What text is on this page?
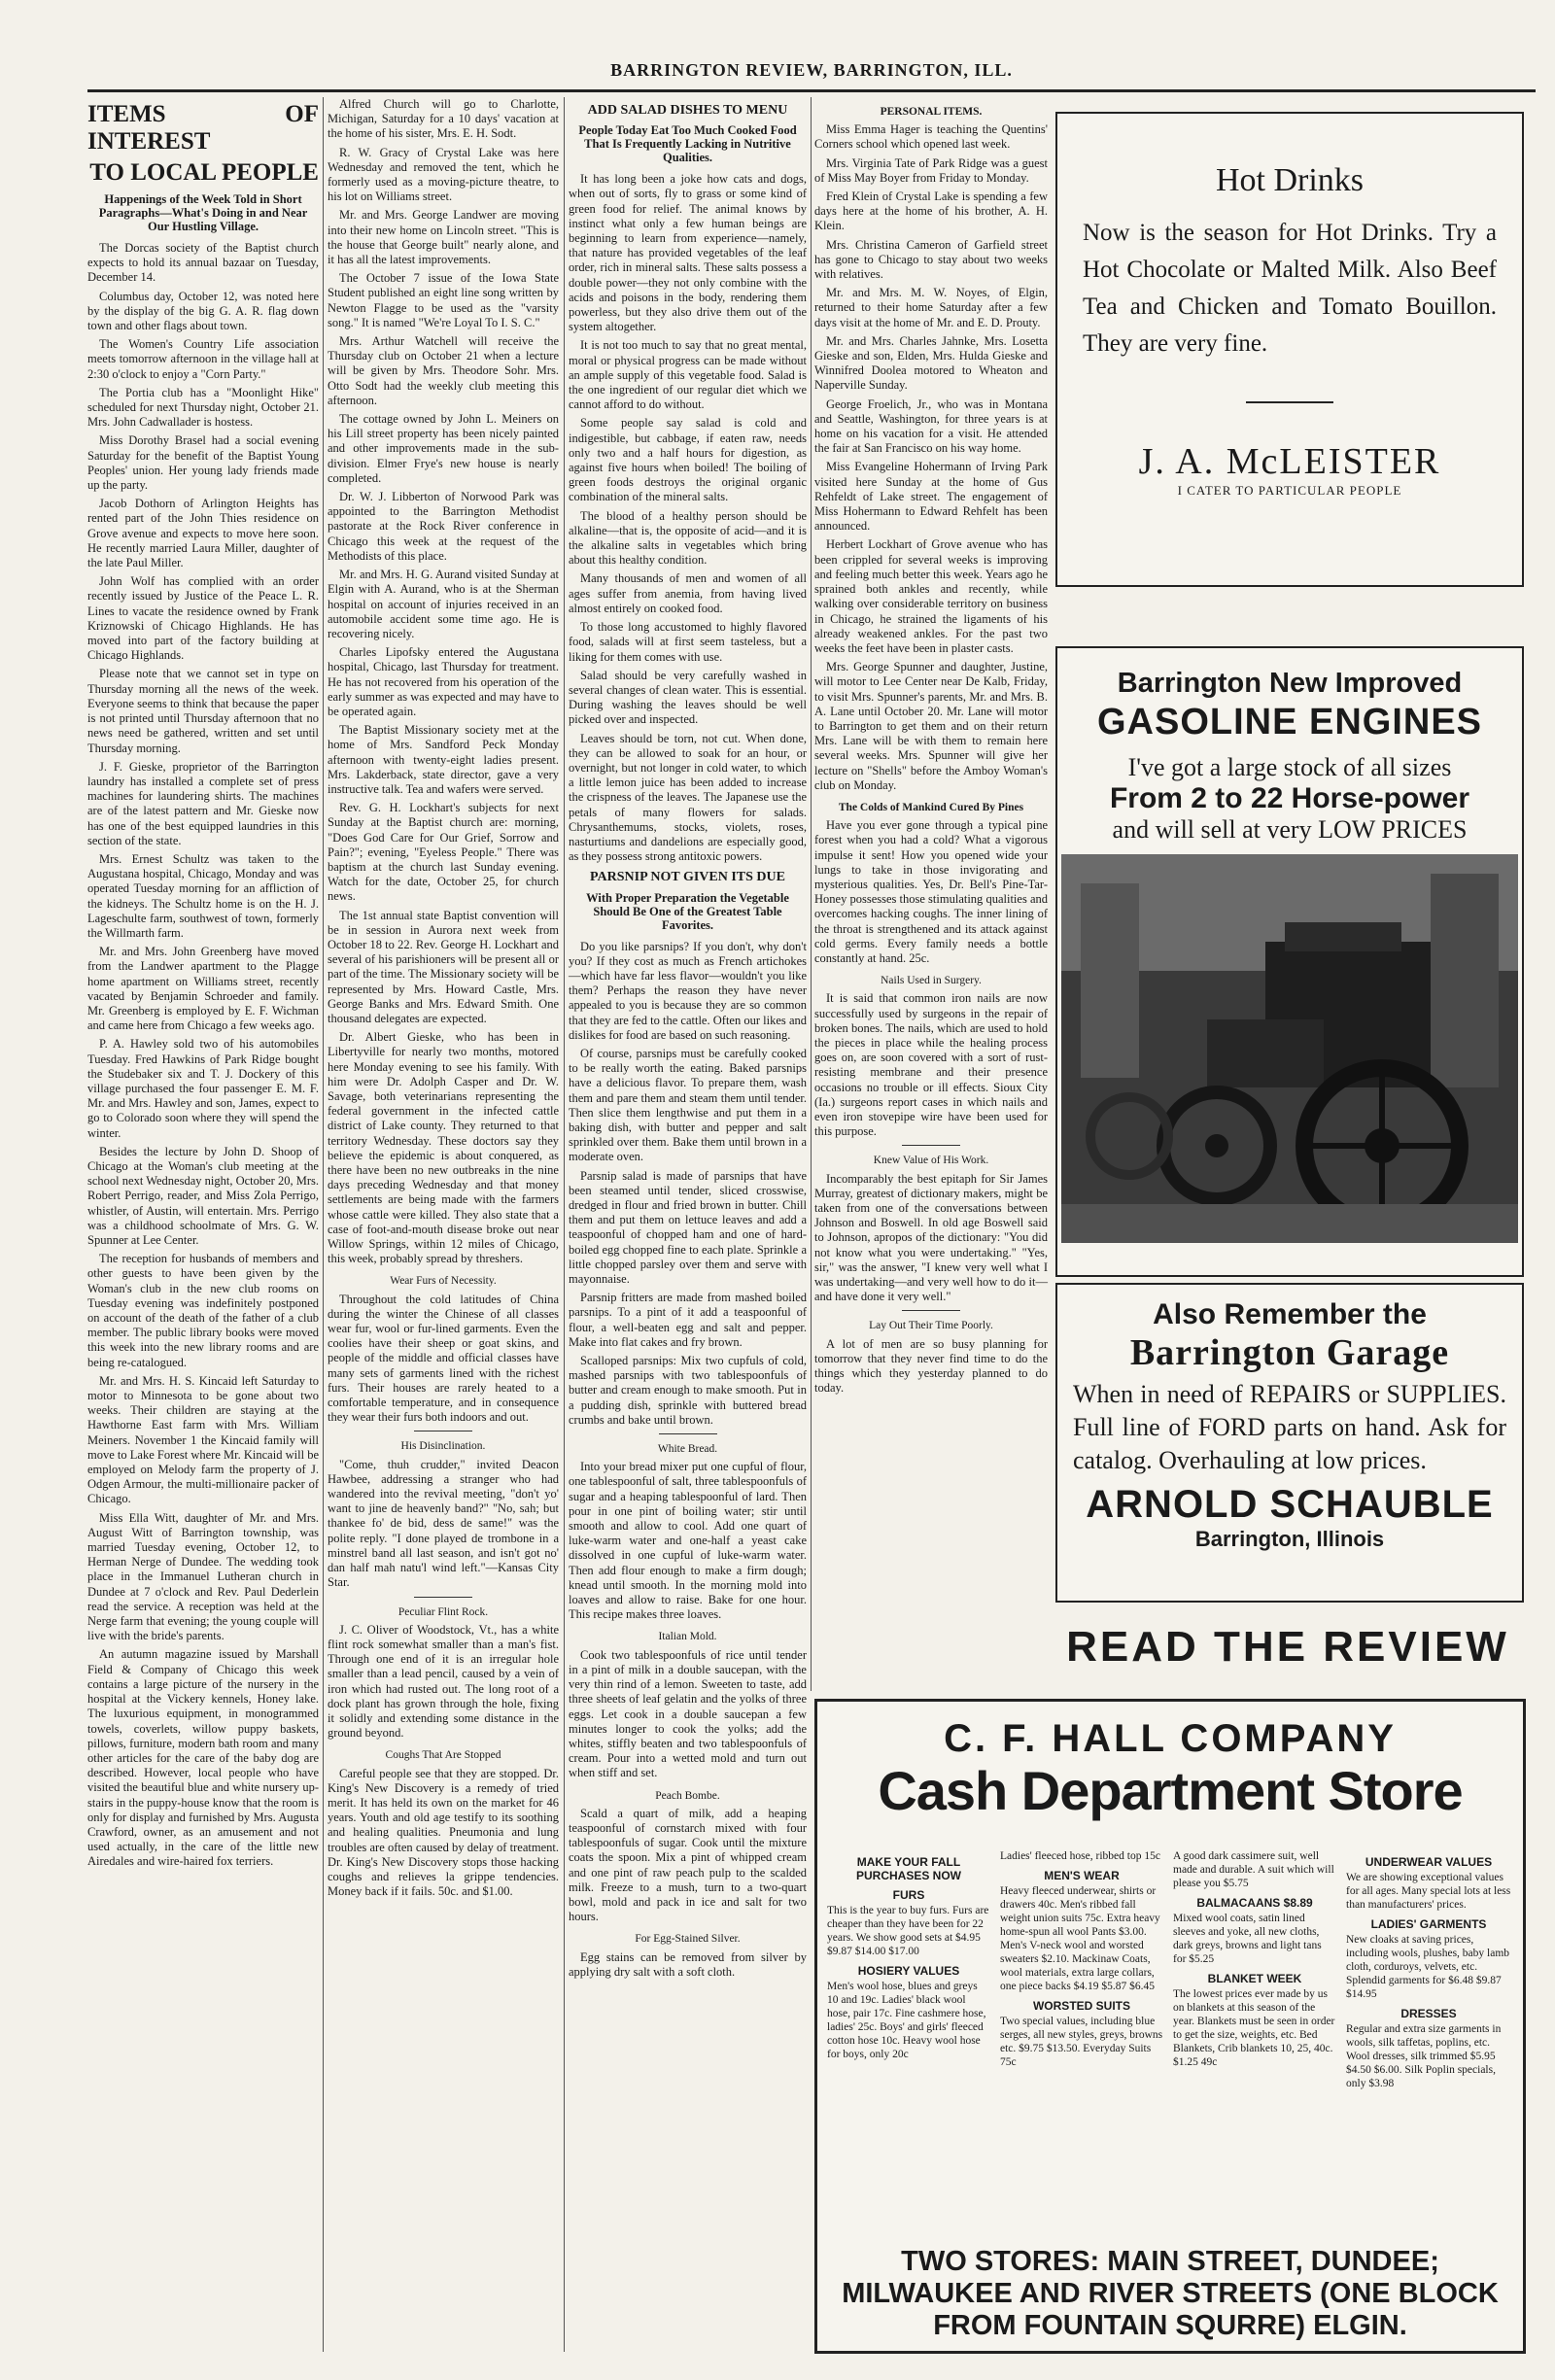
BARRINGTON REVIEW, BARRINGTON, ILL.
ITEMS OF INTEREST
TO LOCAL PEOPLE
Happenings of the Week Told in Short Paragraphs—What's Doing in and Near Our Hustling Village.

The Dorcas society of the Baptist church expects to hold its annual bazaar on Tuesday, December 14.

Columbus day, October 12, was noted here by the display of the big G. A. R. flag down town and other flags about town.

The Women's Country Life association meets tomorrow afternoon in the village hall at 2:30 o'clock to enjoy a "Corn Party."

The Portia club has a "Moonlight Hike" scheduled for next Thursday night, October 21. Mrs. John Cadwallader is hostess.

Miss Dorothy Brasel had a social evening Saturday for the benefit of the Baptist Young Peoples' union. Her young lady friends made up the party.

Jacob Dothorn of Arlington Heights has rented part of the John Thies residence on Grove avenue and expects to move here soon. He recently married Laura Miller, daughter of the late Paul Miller.

John Wolf has complied with an order recently issued by Justice of the Peace L. R. Lines to vacate the residence owned by Frank Kriznowski of Chicago Highlands. He has moved into part of the factory building at Chicago Highlands.

Please note that we cannot set in type on Thursday morning all the news of the week. Everyone seems to think that because the paper is not printed until Thursday afternoon that no news need be gathered, written and set until Thursday morning.

J. F. Gieske, proprietor of the Barrington laundry has installed a complete set of press machines for laundering shirts. The machines are of the latest pattern and Mr. Gieske now has one of the best equipped laundries in this section of the state.

Mrs. Ernest Schultz was taken to the Augustana hospital, Chicago, Monday and was operated Tuesday morning for an affliction of the kidneys. The Schultz home is on the H. J. Lageschulte farm, southwest of town, formerly the Willmarth farm.

Mr. and Mrs. John Greenberg have moved from the Landwer apartment to the Plagge home apartment on Williams street, recently vacated by Benjamin Schroeder and family. Mr. Greenberg is employed by E. F. Wichman and came here from Chicago a few weeks ago.

P. A. Hawley sold two of his automobiles Tuesday. Fred Hawkins of Park Ridge bought the Studebaker six and T. J. Dockery of this village purchased the four passenger E. M. F. Mr. and Mrs. Hawley and son, James, expect to go to Colorado soon where they will spend the winter.

Besides the lecture by John D. Shoop of Chicago at the Woman's club meeting at the school next Wednesday night, October 20, Mrs. Robert Perrigo, reader, and Miss Zola Perrigo, whistler, of Austin, will entertain. Mrs. Perrigo was a childhood schoolmate of Mrs. G. W. Spunner at Lee Center.

The reception for husbands of members and other guests to have been given by the Woman's club in the new club rooms on Tuesday evening was indefinitely postponed on account of the death of the father of a club member. The public library books were moved this week into the new library rooms and are being re-catalogued.

Mr. and Mrs. H. S. Kincaid left Saturday to motor to Minnesota to be gone about two weeks. Their children are staying at the Hawthorne East farm with Mrs. William Meiners. November 1 the Kincaid family will move to Lake Forest where Mr. Kincaid will be employed on Melody farm the property of J. Odgen Armour, the multi-millionaire packer of Chicago.

Miss Ella Witt, daughter of Mr. and Mrs. August Witt of Barrington township, was married Tuesday evening, October 12, to Herman Nerge of Dundee. The wedding took place in the Immanuel Lutheran church in Dundee at 7 o'clock and Rev. Paul Dederlein read the service. A reception was held at the Nerge farm that evening; the young couple will live with the bride's parents.

An autumn magazine issued by Marshall Field & Company of Chicago this week contains a large picture of the nursery in the hospital at the Vickery kennels, Honey lake. The luxurious equipment, in monogrammed towels, coverlets, willow puppy baskets, pillows, furniture, modern bath room and many other articles for the care of the baby dog are described. However, local people who have visited the beautiful blue and white nursery up-stairs in the puppy-house know that the room is only for display and furnished by Mrs. Augusta Crawford, owner, as an amusement and not used actually, in the care of the little new Airedales and wire-haired fox terriers.

Alfred Church will go to Charlotte, Michigan, Saturday for a 10 days' vacation at the home of his sister, Mrs. E. H. Sodt.

R. W. Gracy of Crystal Lake was here Wednesday and removed the tent, which he formerly used as a moving-picture theatre, to his lot on Williams street.

Mr. and Mrs. George Landwer are moving into their new home on Lincoln street. "This is the house that George built" nearly alone, and it has all the latest improvements.

The October 7 issue of the Iowa State Student published an eight line song written by Newton Flagge to be used as the "varsity song." It is named "We're Loyal To I. S. C."

Mrs. Arthur Watchell will receive the Thursday club on October 21 when a lecture will be given by Mrs. Theodore Sohr. Mrs. Otto Sodt had the weekly club meeting this afternoon.

The cottage owned by John L. Meiners on his Lill street property has been nicely painted and other improvements made in the sub-division. Elmer Frye's new house is nearly completed.

Dr. W. J. Libberton of Norwood Park was appointed to the Barrington Methodist pastorate at the Rock River conference in Chicago this week at the request of the Methodists of this place.

Mr. and Mrs. H. G. Aurand visited Sunday at Elgin with A. Aurand, who is at the Sherman hospital on account of injuries received in an automobile accident some time ago. He is recovering nicely.

Charles Lipofsky entered the Augustana hospital, Chicago, last Thursday for treatment. He has not recovered from his operation of the early summer as was expected and may have to be operated again.

The Baptist Missionary society met at the home of Mrs. Sandford Peck Monday afternoon with twenty-eight ladies present. Mrs. Lakderback, state director, gave a very instructive talk. Tea and wafers were served.

Rev. G. H. Lockhart's subjects for next Sunday at the Baptist church are: morning, "Does God Care for Our Grief, Sorrow and Pain?"; evening, "Eyeless People." There was baptism at the church last Sunday evening. Watch for the date, October 25, for church news.

The 1st annual state Baptist convention will be in session in Aurora next week from October 18 to 22. Rev. George H. Lockhart and several of his parishioners will be present all or part of the time. The Missionary society will be represented by Mrs. Howard Castle, Mrs. George Banks and Mrs. Edward Smith. One thousand delegates are expected.

Dr. Albert Gieske, who has been in Libertyville for nearly two months, motored here Monday evening to see his family. With him were Dr. Adolph Casper and Dr. W. Savage, both veterinarians representing the federal government in the infected cattle district of Lake county. They returned to that territory Wednesday. These doctors say they believe the epidemic is about conquered, as there have been no new outbreaks in the nine days preceding Wednesday and that money settlements are being made with the farmers whose cattle were killed. They also state that a case of foot-and-mouth disease broke out near Willow Springs, within 12 miles of Chicago, this week, probably spread by threshers.

Wear Furs of Necessity.

Throughout the cold latitudes of China during the winter the Chinese of all classes wear fur, wool or fur-lined garments. Even the coolies have their sheep or goat skins, and people of the middle and official classes have many sets of garments lined with the richest furs. Their houses are rarely heated to a comfortable temperature, and in consequence they wear their furs both indoors and out.

His Disinclination.

"Come, thuh crudder," invited Deacon Hawbee, addressing a stranger who had wandered into the revival meeting, "don't yo' want to jine de heavenly band?" "No, sah; but thankee fo' de bid, dess de same!" was the polite reply. "I done played de trombone in a minstrel band all last season, and isn't got no' dan half mah natu'l wind left."—Kansas City Star.

Peculiar Flint Rock.

J. C. Oliver of Woodstock, Vt., has a white flint rock somewhat smaller than a man's fist. Through one end of it is an irregular hole smaller than a lead pencil, caused by a vein of iron which had rusted out. The long root of a dock plant has grown through the hole, fixing it solidly and extending some distance in the ground beyond.

Coughs That Are Stopped

Careful people see that they are stopped. Dr. King's New Discovery is a remedy of tried merit. It has held its own on the market for 46 years. Youth and old age testify to its soothing and healing qualities. Pneumonia and lung troubles are often caused by delay of treatment. Dr. King's New Discovery stops those hacking coughs and relieves la grippe tendencies. Money back if it fails. 50c. and $1.00.

ADD SALAD DISHES TO MENU
People Today Eat Too Much Cooked Food That Is Frequently Lacking in Nutritive Qualities.

It has long been a joke how cats and dogs, when out of sorts, fly to grass or some kind of green food for relief. The animal knows by instinct what only a few human beings are beginning to learn from experience—namely, that nature has provided vegetables of the leaf order, rich in mineral salts. These salts possess a double power—they not only combine with the acids and poisons in the body, rendering them powerless, but they also drive them out of the system altogether.

It is not too much to say that no great mental, moral or physical progress can be made without an ample supply of this vegetable food. Salad is the one ingredient of our regular diet which we cannot afford to do without.

Some people say salad is cold and indigestible, but cabbage, if eaten raw, needs only two and a half hours for digestion, as against five hours when boiled! The boiling of green foods destroys the original organic combination of the mineral salts.

The blood of a healthy person should be alkaline—that is, the opposite of acid—and it is the alkaline salts in vegetables which bring about this healthy condition.

Many thousands of men and women of all ages suffer from anemia, from having lived almost entirely on cooked food.

To those long accustomed to highly flavored food, salads will at first seem tasteless, but a liking for them comes with use.

Salad should be very carefully washed in several changes of clean water. This is essential. During washing the leaves should be well picked over and inspected.

Leaves should be torn, not cut. When done, they can be allowed to soak for an hour, or overnight, but not longer in cold water, to which a little lemon juice has been added to increase the crispness of the leaves. The Japanese use the petals of many flowers for salads. Chrysanthemums, stocks, violets, roses, nasturtiums and dandelions are especially good, as they possess strong antitoxic powers.

PARSNIP NOT GIVEN ITS DUE
With Proper Preparation the Vegetable Should Be One of the Greatest Table Favorites.

Do you like parsnips? If you don't, why don't you? If they cost as much as French artichokes—which have far less flavor—wouldn't you like them? Perhaps the reason they have never appealed to you is because they are so common that they are fed to the cattle. Often our likes and dislikes for food are based on such reasoning.

Of course, parsnips must be carefully cooked to be really worth the eating. Baked parsnips have a delicious flavor. To prepare them, wash them and pare them and steam them until tender. Then slice them lengthwise and put them in a baking dish, with butter and pepper and salt sprinkled over them. Bake them until brown in a moderate oven.

Parsnip salad is made of parsnips that have been steamed until tender, sliced crosswise, dredged in flour and fried brown in butter. Chill them and put them on lettuce leaves and add a teaspoonful of chopped ham and one of hard-boiled egg chopped fine to each plate. Sprinkle a little chopped parsley over them and serve with mayonnaise.

Parsnip fritters are made from mashed boiled parsnips. To a pint of it add a teaspoonful of flour, a well-beaten egg and salt and pepper. Make into flat cakes and fry brown.

Scalloped parsnips: Mix two cupfuls of cold, mashed parsnips with two tablespoonfuls of butter and cream enough to make smooth. Put in a pudding dish, sprinkle with buttered bread crumbs and bake until brown.

White Bread.

Into your bread mixer put one cupful of flour, one tablespoonful of salt, three tablespoonfuls of sugar and a heaping tablespoonful of lard. Then pour in one pint of boiling water; stir until smooth and allow to cool. Add one quart of luke-warm water and one-half a yeast cake dissolved in one cupful of luke-warm water. Then add flour enough to make a firm dough; knead until smooth. In the morning mold into loaves and allow to raise. Bake for one hour. This recipe makes three loaves.

Italian Mold.

Cook two tablespoonfuls of rice until tender in a pint of milk in a double saucepan, with the very thin rind of a lemon. Sweeten to taste, add three sheets of leaf gelatin and the yolks of three eggs. Let cook in a double saucepan a few minutes longer to cook the yolks; add the whites, stiffly beaten and two tablespoonfuls of cream. Pour into a wetted mold and turn out when stiff and set.

Peach Bombe.

Scald a quart of milk, add a heaping teaspoonful of cornstarch mixed with four tablespoonfuls of sugar. Cook until the mixture coats the spoon. Mix a pint of whipped cream and one pint of raw peach pulp to the scalded milk. Freeze to a mush, turn to a two-quart bowl, mold and pack in ice and salt for two hours.

For Egg-Stained Silver.

Egg stains can be removed from silver by applying dry salt with a soft cloth.

PERSONAL ITEMS.

Miss Emma Hager is teaching the Quentins' Corners school which opened last week.

Mrs. Virginia Tate of Park Ridge was a guest of Miss May Boyer from Friday to Monday.

Fred Klein of Crystal Lake is spending a few days here at the home of his brother, A. H. Klein.

Mrs. Christina Cameron of Garfield street has gone to Chicago to stay about two weeks with relatives.

Mr. and Mrs. M. W. Noyes, of Elgin, returned to their home Saturday after a few days visit at the home of Mr. and E. D. Prouty.

Mr. and Mrs. Charles Jahnke, Mrs. Losetta Gieske and son, Elden, Mrs. Hulda Gieske and Winnifred Doolea motored to Wheaton and Naperville Sunday.

George Froelich, Jr., who was in Montana and Seattle, Washington, for three years is at home on his vacation for a visit. He attended the fair at San Francisco on his way home.

Miss Evangeline Hohermann of Irving Park visited here Sunday at the home of Gus Rehfeldt of Lake street. The engagement of Miss Hohermann to Edward Rehfelt has been announced.

Herbert Lockhart of Grove avenue who has been crippled for several weeks is improving and feeling much better this week. Years ago he sprained both ankles and recently, while walking over considerable territory on business in Chicago, he strained the ligaments of his already weakened ankles. For the past two weeks the feet have been in plaster casts.

Mrs. George Spunner and daughter, Justine, will motor to Lee Center near De Kalb, Friday, to visit Mrs. Spunner's parents, Mr. and Mrs. B. A. Lane until October 20. Mr. Lane will motor to Barrington to get them and on their return Mrs. Lane will be with them to remain here several weeks. Mrs. Spunner will give her lecture on "Shells" before the Amboy Woman's club on Monday.

The Colds of Mankind Cured By Pines

Have you ever gone through a typical pine forest when you had a cold? What a vigorous impulse it sent! How you opened wide your lungs to take in those invigorating and mysterious qualities. Yes, Dr. Bell's Pine-Tar-Honey possesses those stimulating qualities and overcomes hacking coughs. The inner lining of the throat is strengthened and its attack against cold germs. Every family needs a bottle constantly at hand. 25c.

Nails Used in Surgery.

It is said that common iron nails are now successfully used by surgeons in the repair of broken bones. The nails, which are used to hold the pieces in place while the healing process goes on, are soon covered with a sort of rust-resisting membrane and their presence occasions no trouble or ill effects. Sioux City (Ia.) surgeons report cases in which nails and even iron stovepipe wire have been used for this purpose.

Knew Value of His Work.

Incomparably the best epitaph for Sir James Murray, greatest of dictionary makers, might be taken from one of the conversations between Johnson and Boswell. In old age Boswell said to Johnson, apropos of the dictionary: "You did not know what you were undertaking." "Yes, sir," was the answer, "I knew very well what I was undertaking—and very well how to do it—and have done it very well."

Lay Out Their Time Poorly.

A lot of men are so busy planning for tomorrow that they never find time to do the things which they yesterday planned to do today.

Hot Drinks
Now is the season for Hot Drinks. Try a Hot Chocolate or Malted Milk. Also Beef Tea and Chicken and Tomato Bouillon. They are very fine.
J. A. McLEISTER
I CATER TO PARTICULAR PEOPLE
Barrington New Improved
GASOLINE ENGINES
I've got a large stock of all sizes
From 2 to 22 Horse-power
and will sell at very LOW PRICES
Also Remember the
Barrington Garage
When in need of REPAIRS or SUPPLIES. Full line of FORD parts on hand. Ask for catalog. Overhauling at low prices.
ARNOLD SCHAUBLE
Barrington, Illinois
READ THE REVIEW
C. F. HALL COMPANY
Cash Department Store
MAKE YOUR FALL PURCHASES NOW
FURS

This is the year to buy furs. Furs are cheaper than they have been for 22 years. We show good sets at $4.95 $9.87 $14.00 $17.00

HOSIERY VALUES

Men's wool hose, blues and greys 10 and 19c. Ladies' black wool hose, pair 17c. Fine cashmere hose, ladies' 25c. Boys' and girls' fleeced cotton hose 10c. Heavy wool hose for boys, only 20c

Ladies' fleeced hose, ribbed top 15c

MEN'S WEAR

Heavy fleeced underwear, shirts or drawers 40c. Men's ribbed fall weight union suits 75c. Extra heavy home-spun all wool Pants $3.00. Men's V-neck wool and worsted sweaters $2.10. Mackinaw Coats, wool materials, extra large collars, one piece backs $4.19 $5.87 $6.45

WORSTED SUITS

Two special values, including blue serges, all new styles, greys, browns etc. $9.75 $13.50. Everyday Suits 75c

A good dark cassimere suit, well made and durable. A suit which will please you $5.75

BALMACAANS $8.89

Mixed wool coats, satin lined sleeves and yoke, all new cloths, dark greys, browns and light tans for $5.25

BLANKET WEEK

The lowest prices ever made by us on blankets at this season of the year. Blankets must be seen in order to get the size, weights, etc. Bed Blankets, Crib blankets 10, 25, 40c. $1.25 49c

UNDERWEAR VALUES

We are showing exceptional values for all ages. Many special lots at less than manufacturers' prices.

LADIES' GARMENTS

New cloaks at saving prices, including wools, plushes, baby lamb cloth, corduroys, velvets, etc. Splendid garments for $6.48 $9.87 $14.95

DRESSES

Regular and extra size garments in wools, silk taffetas, poplins, etc. Wool dresses, silk trimmed $5.95 $4.50 $6.00. Silk Poplin specials, only $3.98

TWO STORES: MAIN STREET, DUNDEE; MILWAUKEE AND RIVER STREETS (ONE BLOCK FROM FOUNTAIN SQURRE) ELGIN.
